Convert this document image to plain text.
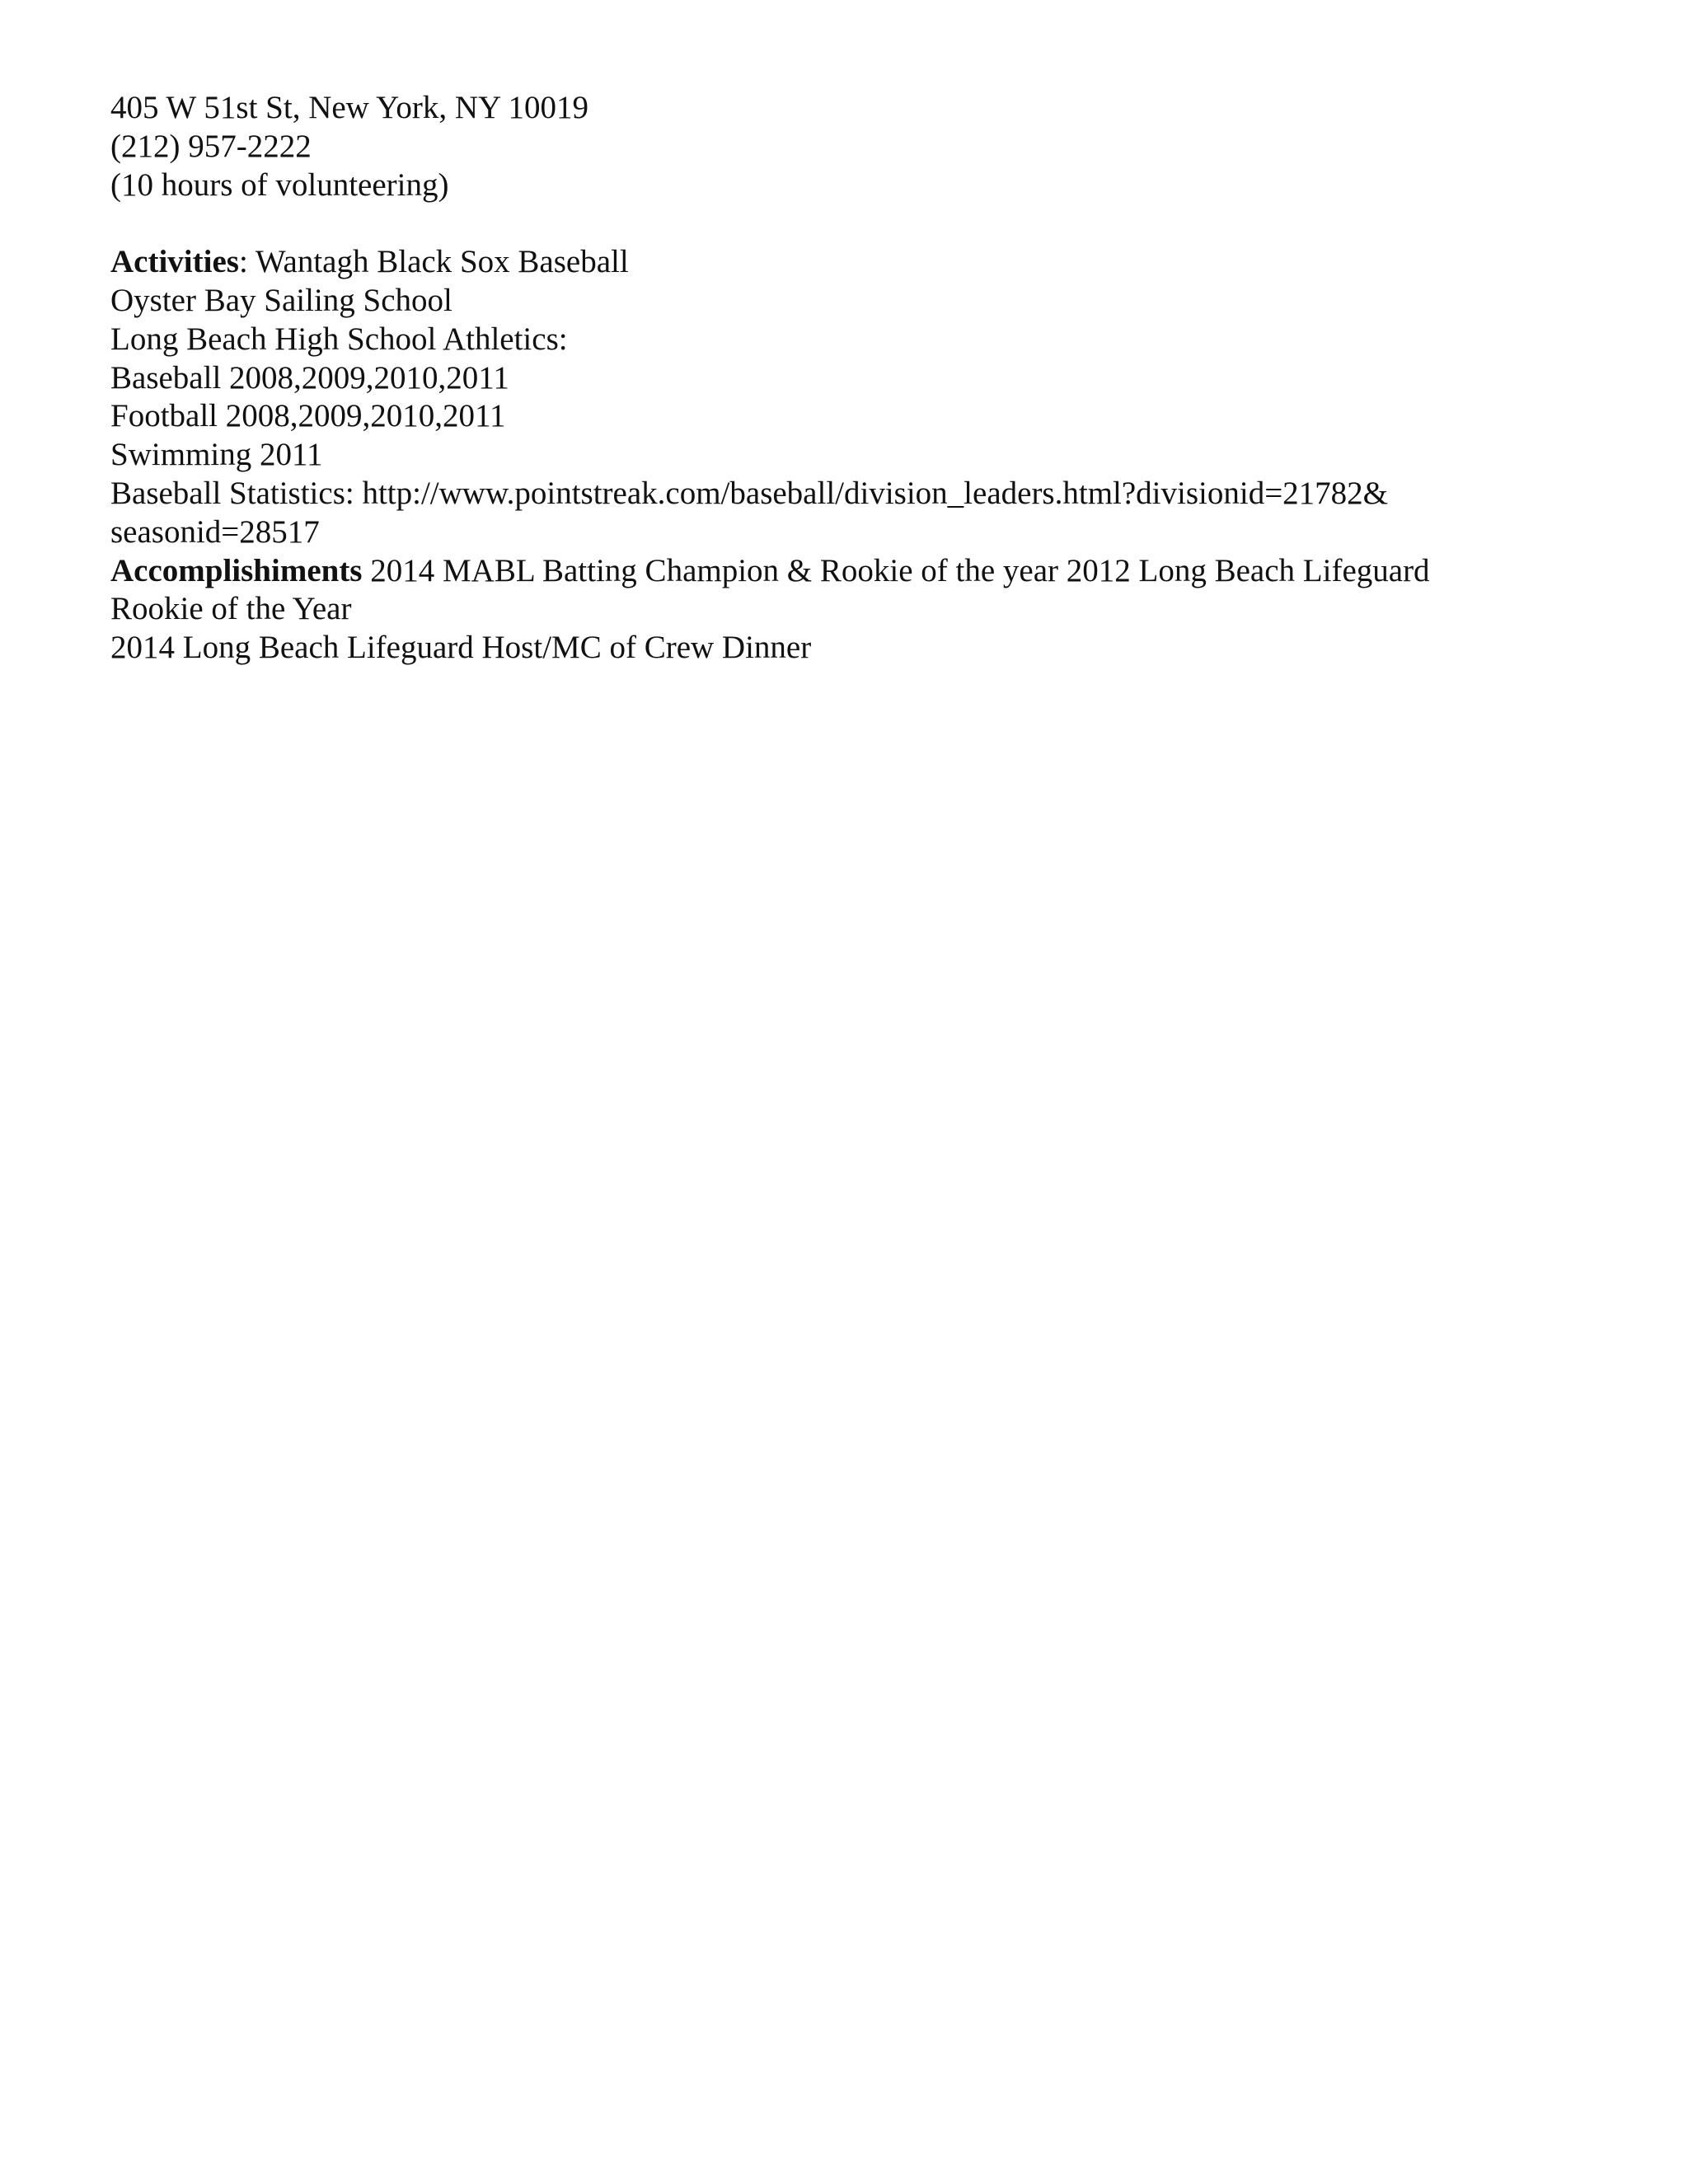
405 W 51st St, New York, NY 10019
(212) 957-2222
(10 hours of volunteering)
Activities: Wantagh Black Sox Baseball
Oyster Bay Sailing School
Long Beach High School Athletics:
Baseball 2008,2009,2010,2011
Football 2008,2009,2010,2011
Swimming 2011
Baseball Statistics: http://www.pointstreak.com/baseball/division_leaders.html?divisionid=21782&
seasonid=28517
Accomplishiments 2014 MABL Batting Champion & Rookie of the year 2012 Long Beach Lifeguard
Rookie of the Year
2014 Long Beach Lifeguard Host/MC of Crew Dinner
